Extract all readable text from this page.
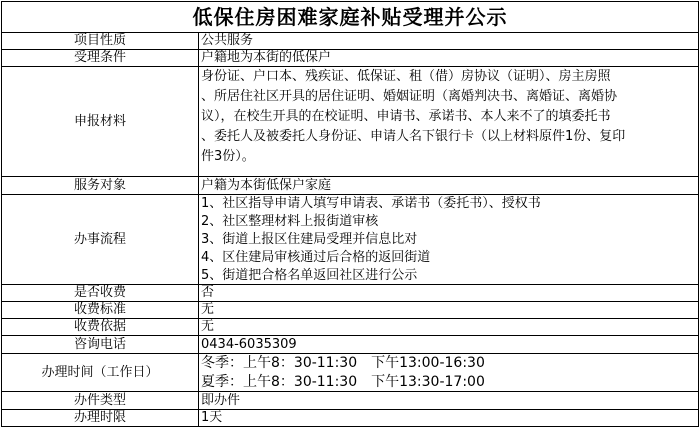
低保住房困难家庭补贴受理并公示	
项目性质	公共服务
受理条件	户籍地为本街的低保户
申报材料	身份证、户口本、残疾证、低保证、租（借）房协议（证明）、房主房照
、所居住社区开具的居住证明、婚姻证明（离婚判决书、离婚证、离婚协
议），在校生开具的在校证明、申请书、承诺书、本人来不了的填委托书
、委托人及被委托人身份证、申请人名下银行卡（以上材料原件1份、复印
件3份）。

服务对象	户籍为本街低保户家庭
办事流程	1、社区指导申请人填写申请表、承诺书（委托书）、授权书
2、社区整理材料上报街道审核
3、街道上报区住建局受理并信息比对
4、区住建局审核通过后合格的返回街道
5、街道把合格名单返回社区进行公示

是否收费	否
收费标准	无
收费依据	无
咨询电话	0434-6035309
办理时间（工作日）	冬季：上午8：30-11:30　下午13:00-16:30
夏季：上午8：30-11:30　下午13:30-17:00

办件类型	即办件
办理时限	1天
